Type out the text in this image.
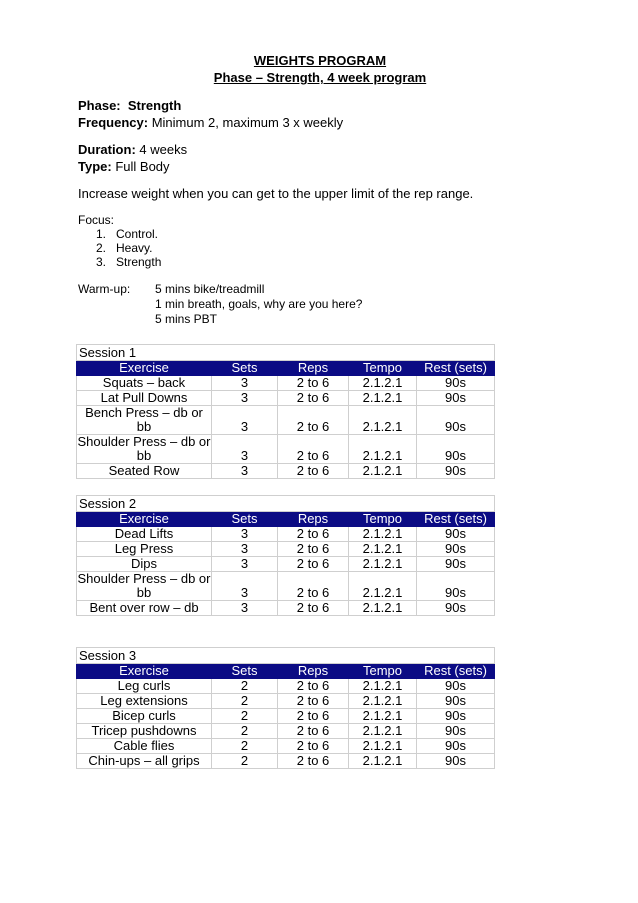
WEIGHTS PROGRAM
Phase – Strength, 4 week program
Phase: Strength
Frequency: Minimum 2, maximum 3 x weekly
Duration: 4 weeks
Type: Full Body
Increase weight when you can get to the upper limit of the rep range.
Focus:
1. Control.
2. Heavy.
3. Strength
Warm-up: 5 mins bike/treadmill
1 min breath, goals, why are you here?
5 mins PBT
Session 1				
Exercise	Sets	Reps	Tempo	Rest (sets)
Squats – back	3	2 to 6	2.1.2.1	90s
Lat Pull Downs	3	2 to 6	2.1.2.1	90s
Bench Press – db or bb	3	2 to 6	2.1.2.1	90s
Shoulder Press – db or bb	3	2 to 6	2.1.2.1	90s
Seated Row	3	2 to 6	2.1.2.1	90s
Session 2				
Exercise	Sets	Reps	Tempo	Rest (sets)
Dead Lifts	3	2 to 6	2.1.2.1	90s
Leg Press	3	2 to 6	2.1.2.1	90s
Dips	3	2 to 6	2.1.2.1	90s
Shoulder Press – db or bb	3	2 to 6	2.1.2.1	90s
Bent over row – db	3	2 to 6	2.1.2.1	90s
Session 3				
Exercise	Sets	Reps	Tempo	Rest (sets)
Leg curls	2	2 to 6	2.1.2.1	90s
Leg extensions	2	2 to 6	2.1.2.1	90s
Bicep curls	2	2 to 6	2.1.2.1	90s
Tricep pushdowns	2	2 to 6	2.1.2.1	90s
Cable flies	2	2 to 6	2.1.2.1	90s
Chin-ups – all grips	2	2 to 6	2.1.2.1	90s
